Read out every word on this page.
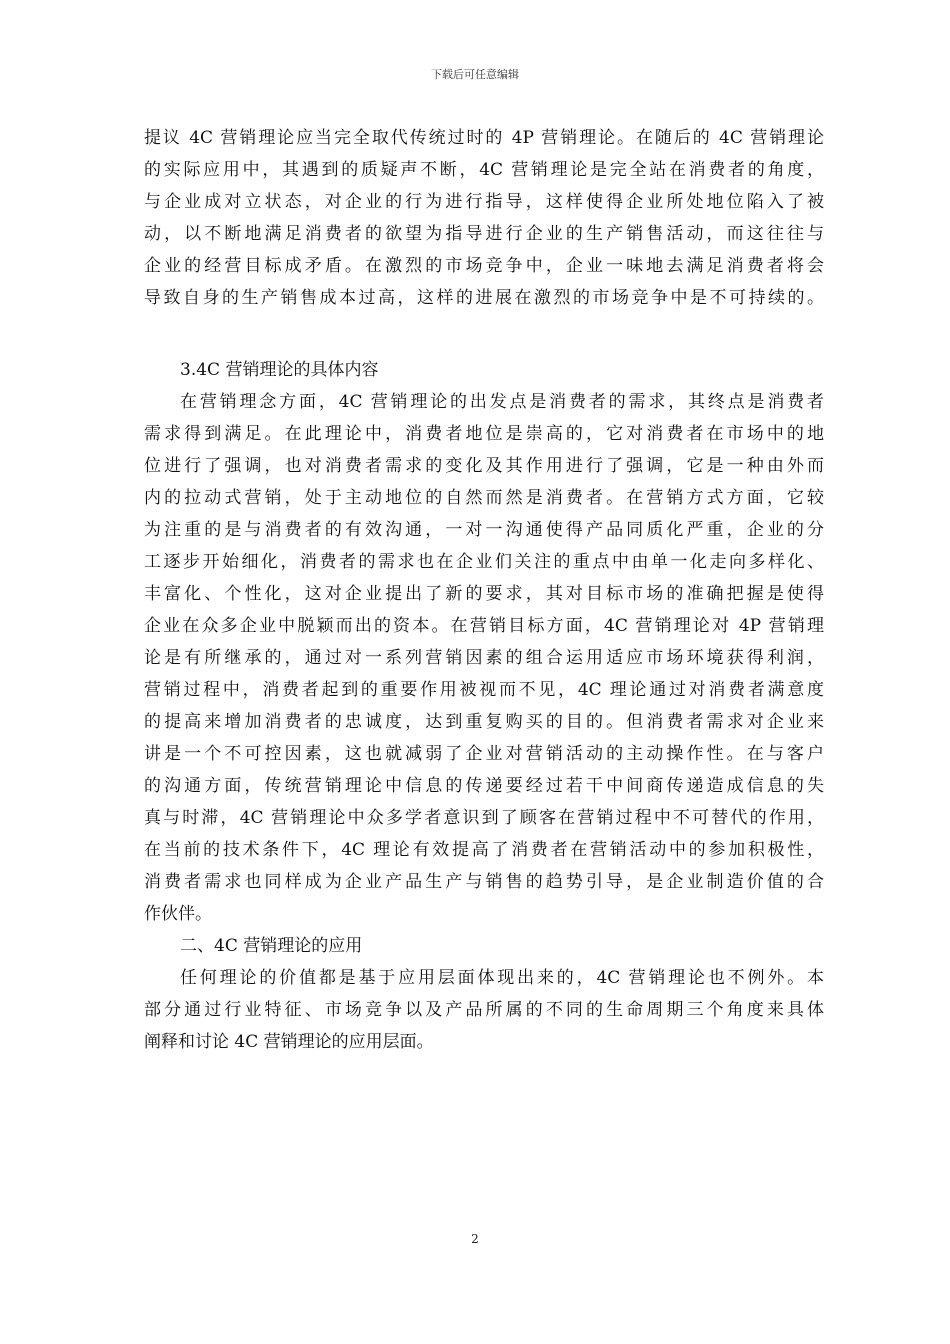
下载后可任意编辑
提议 4C 营销理论应当完全取代传统过时的 4P 营销理论。在随后的 4C 营销理论
的实际应用中，其遇到的质疑声不断，4C 营销理论是完全站在消费者的角度，
与企业成对立状态，对企业的行为进行指导，这样使得企业所处地位陷入了被
动，以不断地满足消费者的欲望为指导进行企业的生产销售活动，而这往往与
企业的经营目标成矛盾。在激烈的市场竞争中，企业一味地去满足消费者将会
导致自身的生产销售成本过高，这样的进展在激烈的市场竞争中是不可持续的。
3.4C 营销理论的具体内容
在营销理念方面，4C 营销理论的出发点是消费者的需求，其终点是消费者
需求得到满足。在此理论中，消费者地位是崇高的，它对消费者在市场中的地
位进行了强调，也对消费者需求的变化及其作用进行了强调，它是一种由外而
内的拉动式营销，处于主动地位的自然而然是消费者。在营销方式方面，它较
为注重的是与消费者的有效沟通，一对一沟通使得产品同质化严重，企业的分
工逐步开始细化，消费者的需求也在企业们关注的重点中由单一化走向多样化、
丰富化、个性化，这对企业提出了新的要求，其对目标市场的准确把握是使得
企业在众多企业中脱颖而出的资本。在营销目标方面，4C 营销理论对 4P 营销理
论是有所继承的，通过对一系列营销因素的组合运用适应市场环境获得利润，
营销过程中，消费者起到的重要作用被视而不见，4C 理论通过对消费者满意度
的提高来增加消费者的忠诚度，达到重复购买的目的。但消费者需求对企业来
讲是一个不可控因素，这也就减弱了企业对营销活动的主动操作性。在与客户
的沟通方面，传统营销理论中信息的传递要经过若干中间商传递造成信息的失
真与时滞，4C 营销理论中众多学者意识到了顾客在营销过程中不可替代的作用，
在当前的技术条件下，4C 理论有效提高了消费者在营销活动中的参加积极性，
消费者需求也同样成为企业产品生产与销售的趋势引导，是企业制造价值的合
作伙伴。
二、4C 营销理论的应用
任何理论的价值都是基于应用层面体现出来的，4C 营销理论也不例外。本
部分通过行业特征、市场竞争以及产品所属的不同的生命周期三个角度来具体
阐释和讨论 4C 营销理论的应用层面。
2
